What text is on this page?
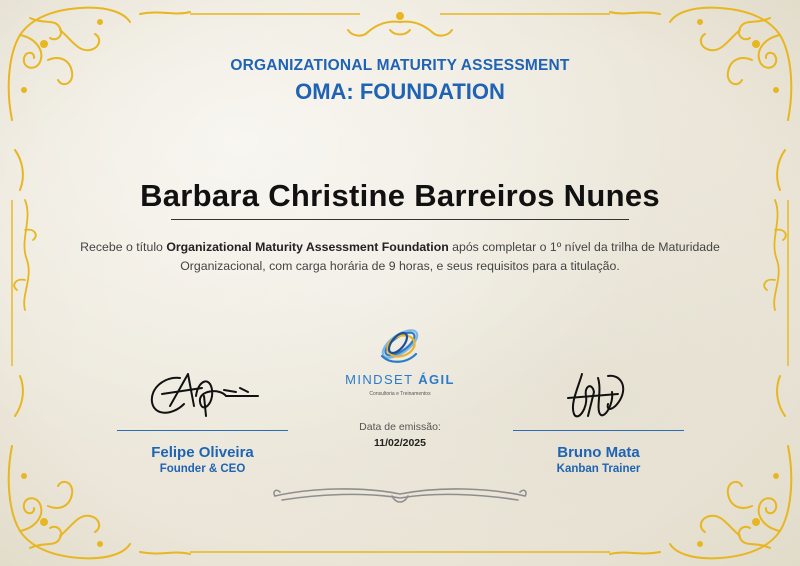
ORGANIZATIONAL MATURITY ASSESSMENT
OMA: FOUNDATION
Barbara Christine Barreiros Nunes
Recebe o título Organizational Maturity Assessment Foundation após completar o 1º nível da trilha de Maturidade Organizacional, com carga horária de 9 horas, e seus requisitos para a titulação.
MINDSET ÁGIL
Consultoria e Treinamentos
Data de emissão:
11/02/2025
Felipe Oliveira
Founder & CEO
Bruno Mata
Kanban Trainer
